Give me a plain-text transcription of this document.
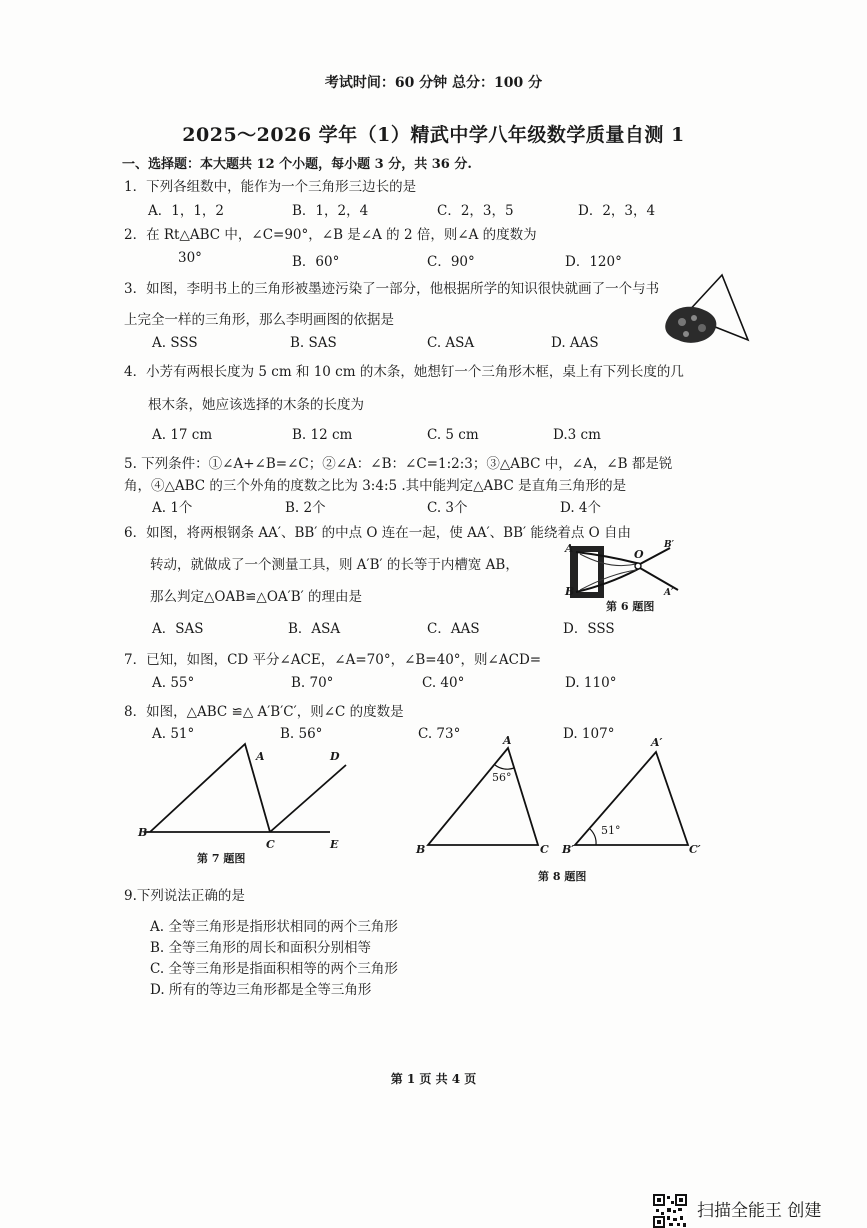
考试时间：60 分钟 总分：100 分
2025～2026 学年（1）精武中学八年级数学质量自测 1
一、选择题：本大题共 12 个小题，每小题 3 分，共 36 分.
1．下列各组数中，能作为一个三角形三边长的是
A．1，1，2	B．1，2，4	C．2，3，5	D．2，3，4
2．在 Rt△ABC 中，∠C=90°，∠B 是∠A 的 2 倍，则∠A 的度数为
30°	B．60°	C．90°	D．120°
3．如图，李明书上的三角形被墨迹污染了一部分，他根据所学的知识很快就画了一个与书
上完全一样的三角形，那么李明画图的依据是
A. SSS	B. SAS	C. ASA	D. AAS
4．小芳有两根长度为 5 cm 和 10 cm 的木条，她想钉一个三角形木框，桌上有下列长度的几
根木条，她应该选择的木条的长度为
A. 17 cm	B. 12 cm	C. 5 cm	D.3 cm
5. 下列条件：①∠A+∠B=∠C；②∠A：∠B：∠C=1:2:3；③△ABC 中，∠A，∠B 都是锐
角，④△ABC 的三个外角的度数之比为 3:4:5 .其中能判定△ABC 是直角三角形的是
A. 1个	B. 2个	C. 3个	D. 4个
6．如图，将两根钢条 AA′、BB′ 的中点 O 连在一起，使 AA′、BB′ 能绕着点 O 自由
转动，就做成了一个测量工具，则 A′B′ 的长等于内槽宽 AB，
那么判定△OAB≌△OA′B′ 的理由是
A
B
O
B′
A′
第 6 题图
A．SAS	B．ASA	C．AAS	D．SSS
7．已知，如图，CD 平分∠ACE，∠A=70°，∠B=40°，则∠ACD=
A. 55°	B. 70°	C. 40°	D. 110°
8．如图，△ABC ≌△ A′B′C′，则∠C 的度数是
A. 51°	B. 56°	C. 73°	D. 107°
B
A
C
D
E
第 7 题图
A
B	C
56°
A′
B′	C′
51°
第 8 题图
9.下列说法正确的是
A. 全等三角形是指形状相同的两个三角形
B. 全等三角形的周长和面积分别相等
C. 全等三角形是指面积相等的两个三角形
D. 所有的等边三角形都是全等三角形
第 1 页 共 4 页
扫描全能王 创建
